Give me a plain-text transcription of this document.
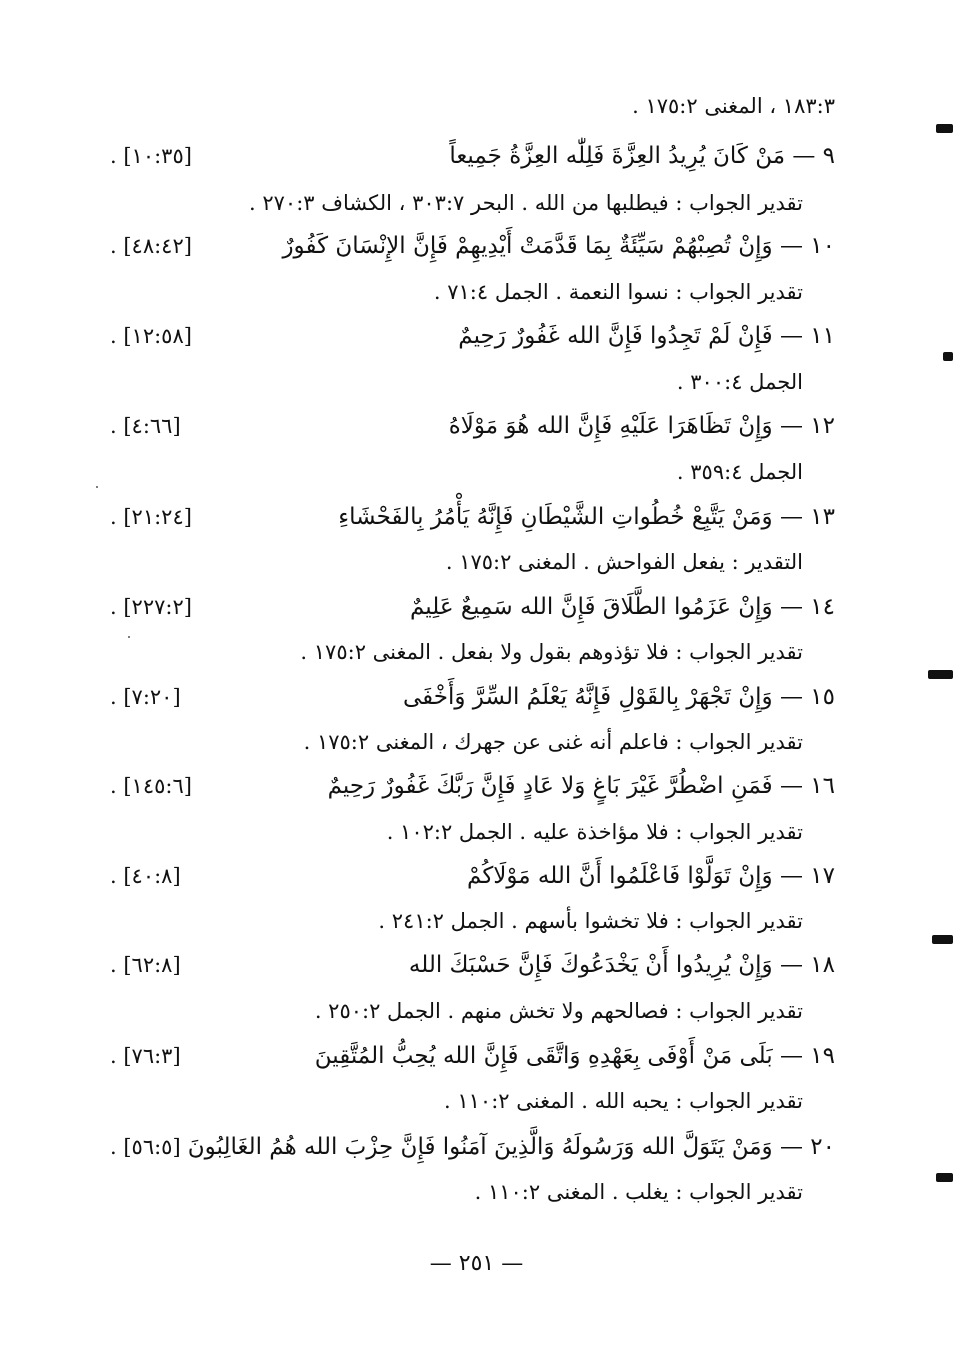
١٨٣:٣ ، المغنى ١٧٥:٢ .
٩ — مَنْ كَانَ يُرِيدُ العِزَّةَ فَلِلّٰه العِزَّةُ جَمِيعاً
[١٠:٣٥] .
تقدير الجواب : فيطلبها من الله . البحر ٣٠٣:٧ ، الكشاف ٢٧٠:٣ .
١٠ — وَإِنْ تُصِبْهُمْ سَيِّئَةٌ بِمَا قَدَّمَتْ أَيْدِيهِمْ فَإِنَّ الإِنْسَانَ كَفُورٌ
[٤٨:٤٢] .
تقدير الجواب : نسوا النعمة . الجمل ٧١:٤ .
١١ — فَإِنْ لَمْ تَجِدُوا فَإِنَّ الله غَفُورٌ رَحِيمٌ
[١٢:٥٨] .
الجمل ٣٠٠:٤ .
١٢ — وَإِنْ تَظَاهَرَا عَلَيْهِ فَإِنَّ الله هُوَ مَوْلَاهُ
[٤:٦٦] .
الجمل ٣٥٩:٤ .
١٣ — وَمَنْ يَتَّبِعْ خُطُواتِ الشَّيْطَانِ فَإِنَّهُ يَأْمُرُ بِالفَحْشَاءِ
[٢١:٢٤] .
التقدير : يفعل الفواحش . المغنى ١٧٥:٢ .
١٤ — وَإِنْ عَزَمُوا الطَّلَاقَ فَإِنَّ الله سَمِيعٌ عَلِيمٌ
[٢٢٧:٢] .
تقدير الجواب : فلا تؤذوهم بقول ولا بفعل . المغنى ١٧٥:٢ .
١٥ — وَإِنْ تَجْهَرْ بِالقَوْلِ فَإِنَّهُ يَعْلَمُ السِّرَّ وَأَخْفَى
[٧:٢٠] .
تقدير الجواب : فاعلم أنه غنى عن جهرك ، المغنى ١٧٥:٢ .
١٦ — فَمَنِ اضْطُرَّ غَيْرَ بَاغٍ وَلا عَادٍ فَإِنَّ رَبَّكَ غَفُورٌ رَحِيمٌ
[١٤٥:٦] .
تقدير الجواب : فلا مؤاخذة عليه . الجمل ١٠٢:٢ .
١٧ — وَإِنْ تَوَلَّوْا فَاعْلَمُوا أَنَّ الله مَوْلَاكُمْ
[٤٠:٨] .
تقدير الجواب : فلا تخشوا بأسهم . الجمل ٢٤١:٢ .
١٨ — وَإِنْ يُرِيدُوا أَنْ يَخْدَعُوكَ فَإِنَّ حَسْبَكَ الله
[٦٢:٨] .
تقدير الجواب : فصالحهم ولا تخش منهم . الجمل ٢٥٠:٢ .
١٩ — بَلَى مَنْ أَوْفَى بِعَهْدِهِ وَاتَّقَى فَإِنَّ الله يُحِبُّ المُتَّقِينَ
[٧٦:٣] .
تقدير الجواب : يحبه الله . المغنى ١١٠:٢ .
٢٠ — وَمَنْ يَتَوَلَّ الله وَرَسُولَهُ وَالَّذِينَ آمَنُوا فَإِنَّ حِزْبَ الله هُمُ الغَالِبُونَ
[٥٦:٥] .
تقدير الجواب : يغلب . المغنى ١١٠:٢ .
— ٢٥١ —
